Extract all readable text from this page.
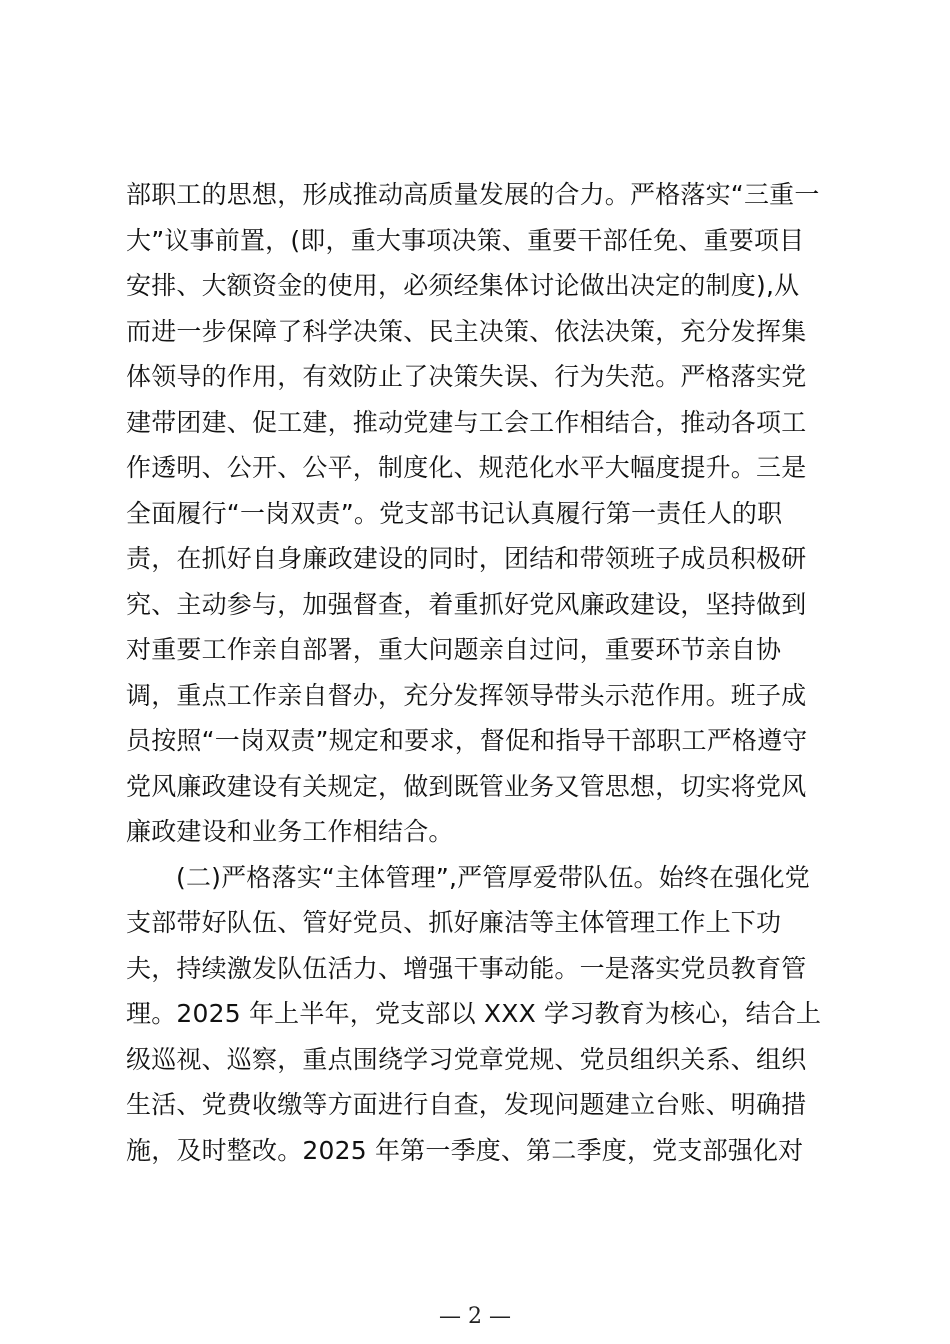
部职工的思想，形成推动高质量发展的合力。严格落实“三重一
大”议事前置，(即，重大事项决策、重要干部任免、重要项目
安排、大额资金的使用，必须经集体讨论做出决定的制度),从
而进一步保障了科学决策、民主决策、依法决策，充分发挥集
体领导的作用，有效防止了决策失误、行为失范。严格落实党
建带团建、促工建，推动党建与工会工作相结合，推动各项工
作透明、公开、公平，制度化、规范化水平大幅度提升。三是
全面履行“一岗双责”。党支部书记认真履行第一责任人的职
责，在抓好自身廉政建设的同时，团结和带领班子成员积极研
究、主动参与，加强督查，着重抓好党风廉政建设，坚持做到
对重要工作亲自部署，重大问题亲自过问，重要环节亲自协
调，重点工作亲自督办，充分发挥领导带头示范作用。班子成
员按照“一岗双责”规定和要求，督促和指导干部职工严格遵守
党风廉政建设有关规定，做到既管业务又管思想，切实将党风
廉政建设和业务工作相结合。
(二)严格落实“主体管理”,严管厚爱带队伍。始终在强化党
支部带好队伍、管好党员、抓好廉洁等主体管理工作上下功
夫，持续激发队伍活力、增强干事动能。一是落实党员教育管
理。2025 年上半年，党支部以 XXX 学习教育为核心，结合上
级巡视、巡察，重点围绕学习党章党规、党员组织关系、组织
生活、党费收缴等方面进行自查，发现问题建立台账、明确措
施，及时整改。2025 年第一季度、第二季度，党支部强化对
— 2 —
